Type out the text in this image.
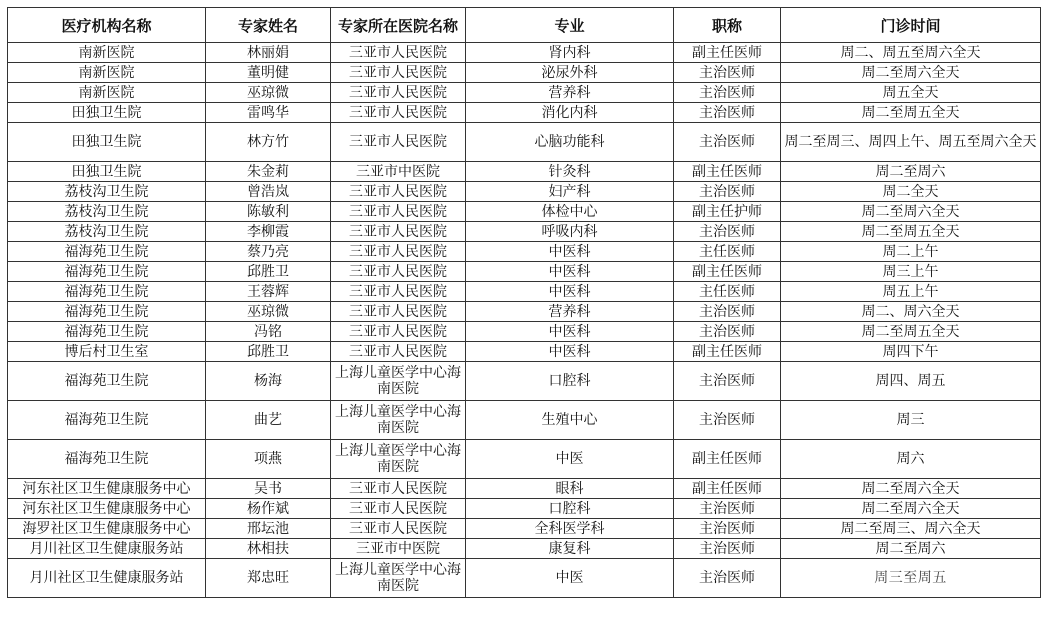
医疗机构名称	专家姓名	专家所在医院名称	专业	职称	门诊时间
南新医院	林丽娟	三亚市人民医院	肾内科	副主任医师	周二、周五至周六全天
南新医院	董明健	三亚市人民医院	泌尿外科	主治医师	周二至周六全天
南新医院	巫琼微	三亚市人民医院	营养科	主治医师	周五全天
田独卫生院	雷鸣华	三亚市人民医院	消化内科	主治医师	周二至周五全天
田独卫生院	林方竹	三亚市人民医院	心脑功能科	主治医师	周二至周三、周四上午、周五至周六全天
田独卫生院	朱金莉	三亚市中医院	针灸科	副主任医师	周二至周六
荔枝沟卫生院	曾浩岚	三亚市人民医院	妇产科	主治医师	周二全天
荔枝沟卫生院	陈敏利	三亚市人民医院	体检中心	副主任护师	周二至周六全天
荔枝沟卫生院	李柳霞	三亚市人民医院	呼吸内科	主治医师	周二至周五全天
福海苑卫生院	蔡乃亮	三亚市人民医院	中医科	主任医师	周二上午
福海苑卫生院	邱胜卫	三亚市人民医院	中医科	副主任医师	周三上午
福海苑卫生院	王蓉辉	三亚市人民医院	中医科	主任医师	周五上午
福海苑卫生院	巫琼微	三亚市人民医院	营养科	主治医师	周二、周六全天
福海苑卫生院	冯铭	三亚市人民医院	中医科	主治医师	周二至周五全天
博后村卫生室	邱胜卫	三亚市人民医院	中医科	副主任医师	周四下午
福海苑卫生院	杨海	上海儿童医学中心海南医院	口腔科	主治医师	周四、周五
福海苑卫生院	曲艺	上海儿童医学中心海南医院	生殖中心	主治医师	周三
福海苑卫生院	项燕	上海儿童医学中心海南医院	中医	副主任医师	周六
河东社区卫生健康服务中心	吴书	三亚市人民医院	眼科	副主任医师	周二至周六全天
河东社区卫生健康服务中心	杨作斌	三亚市人民医院	口腔科	主治医师	周二至周六全天
海罗社区卫生健康服务中心	邢坛池	三亚市人民医院	全科医学科	主治医师	周二至周三、周六全天
月川社区卫生健康服务站	林相扶	三亚市中医院	康复科	主治医师	周二至周六
月川社区卫生健康服务站	郑忠旺	上海儿童医学中心海南医院	中医	主治医师	周三至周五
